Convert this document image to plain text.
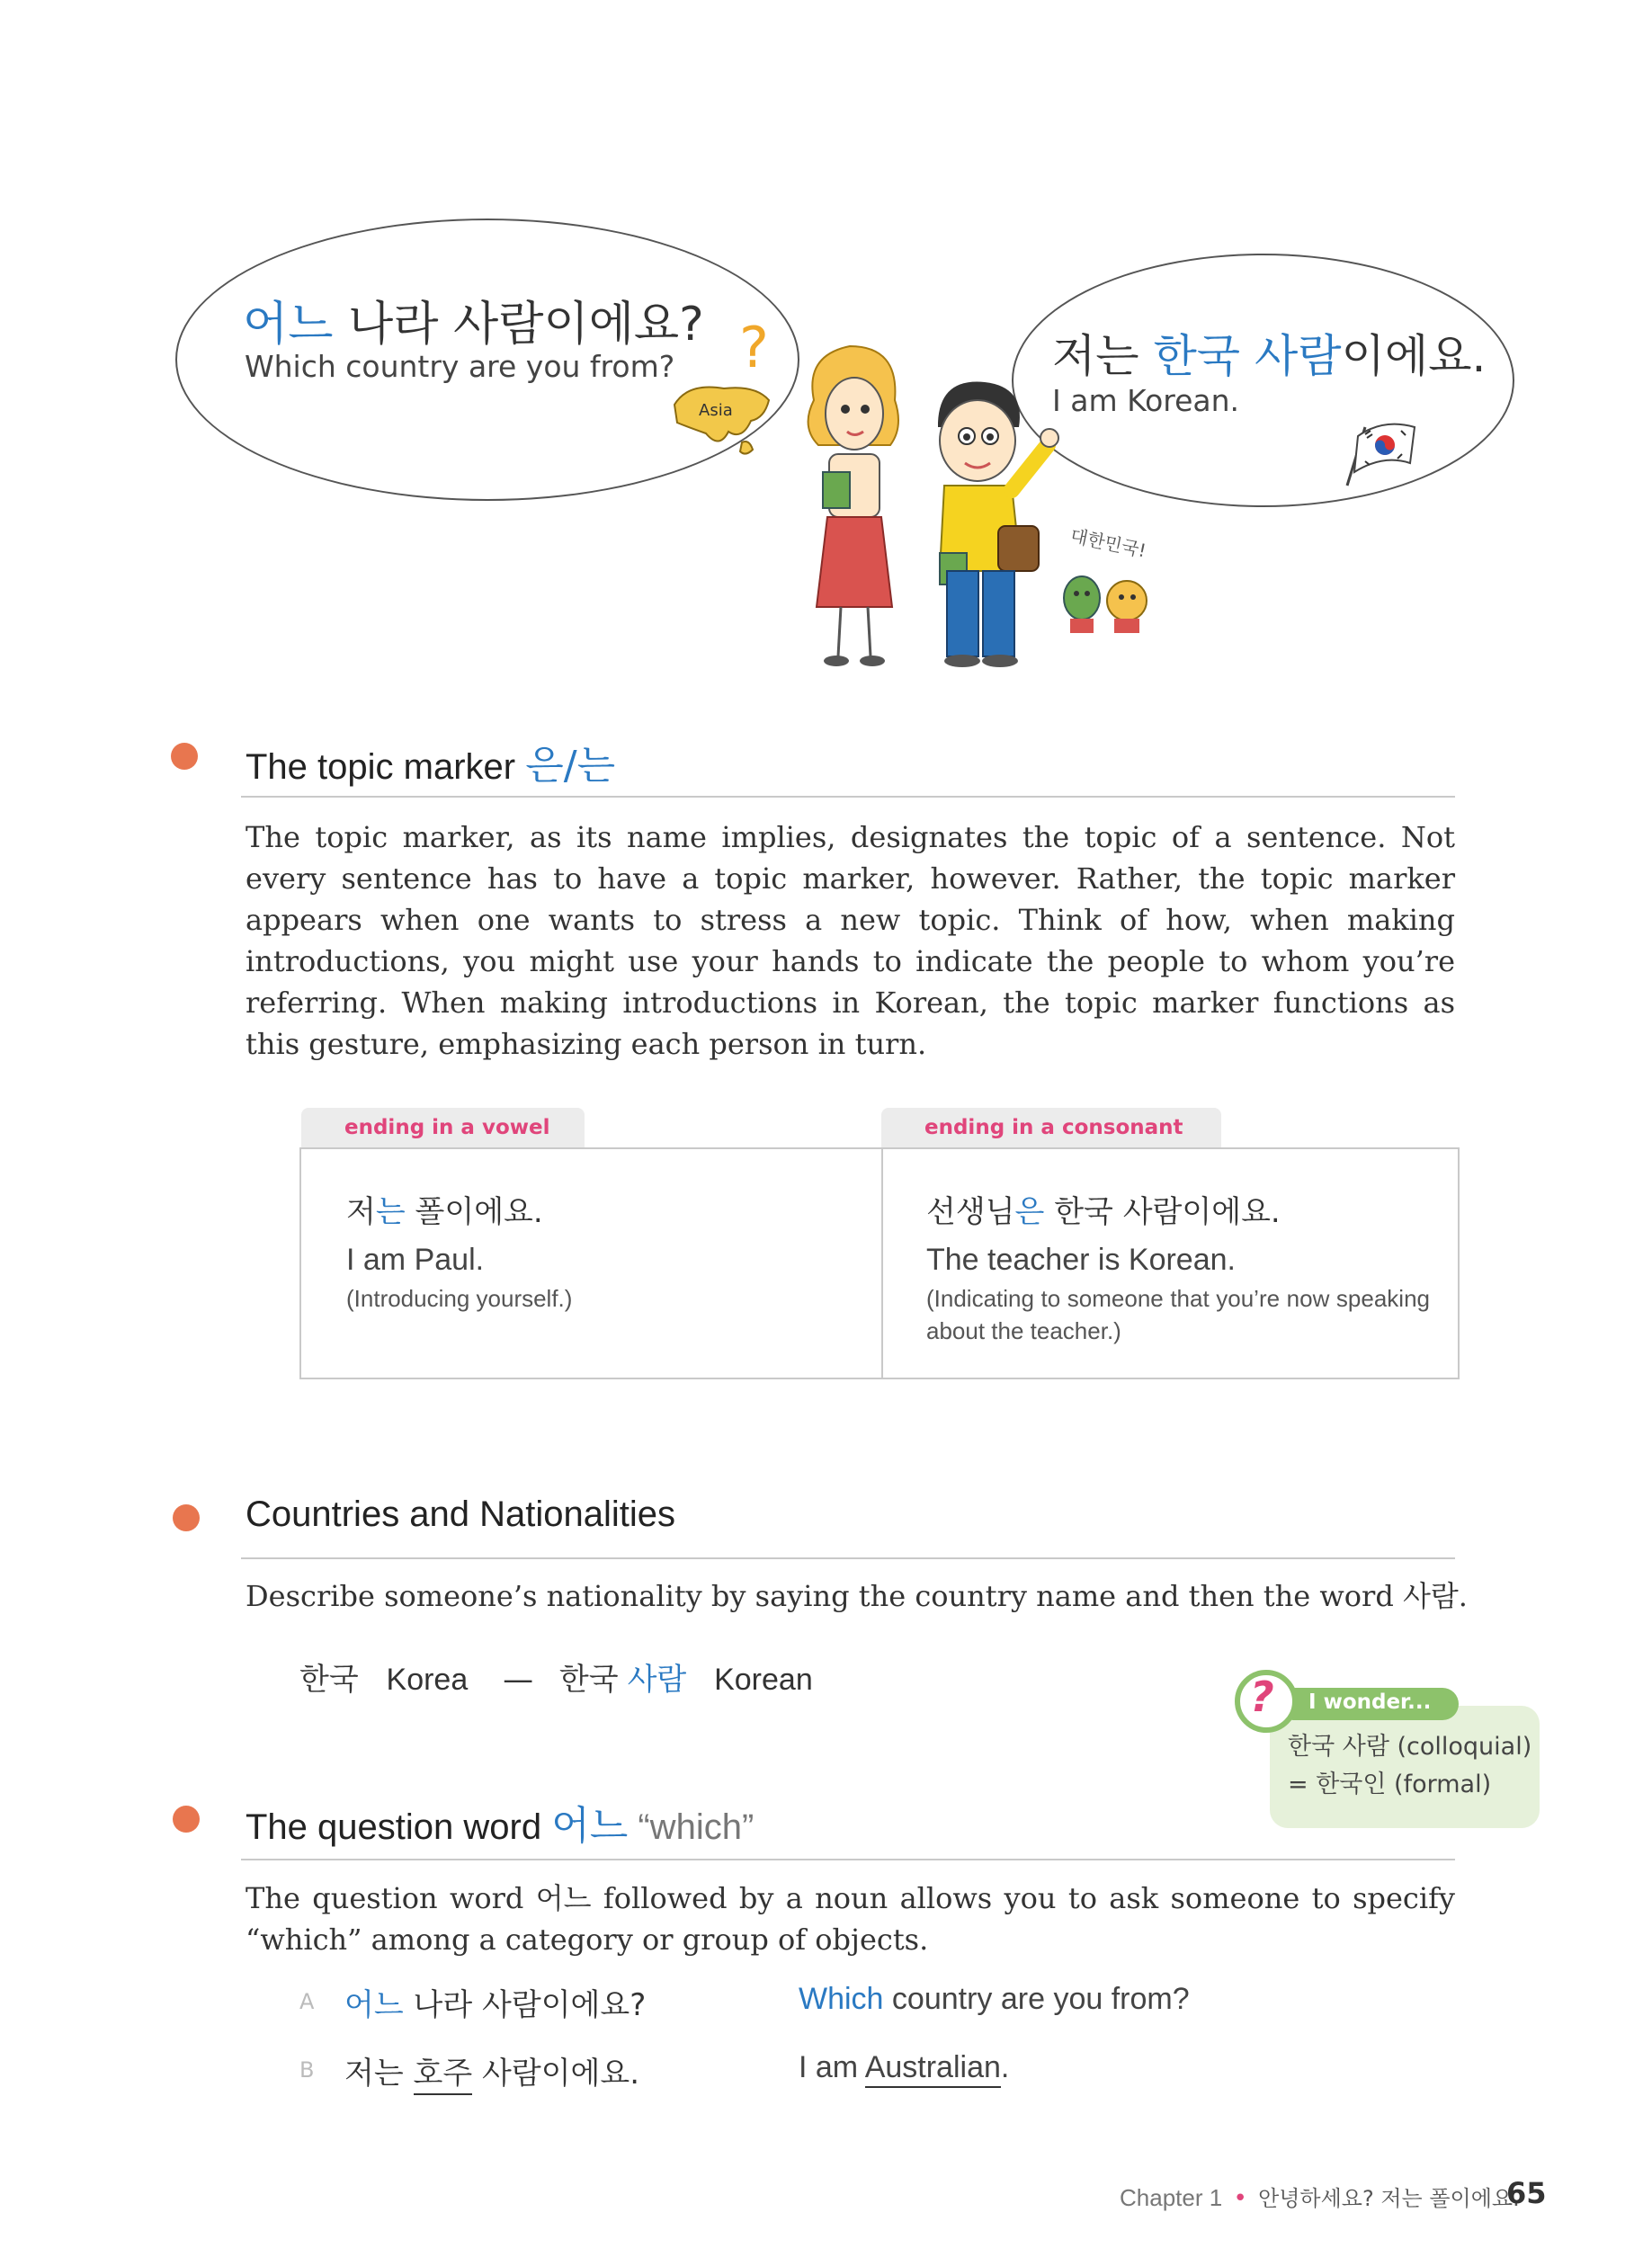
어느 나라 사람이에요?
Which country are you from?	저는 한국 사람이에요.
I am Korean.
Asia
?
대한민국!
The topic marker 은/는
The topic marker, as its name implies, designates the topic of a sentence. Not every sentence has to have a topic marker, however. Rather, the topic marker appears when one wants to stress a new topic. Think of how, when making introductions, you might use your hands to indicate the people to whom you’re referring. When making introductions in Korean, the topic marker functions as this gesture, emphasizing each person in turn.
ending in a vowel	ending in a consonant
저는 폴이에요.
I am Paul.
(Introducing yourself.)
선생님은 한국 사람이에요.
The teacher is Korean.
(Indicating to someone that you’re now speaking about the teacher.)
Countries and Nationalities
Describe someone’s nationality by saying the country name and then the word 사람.
한국 Korea — 한국 사람 Korean
I wonder...
?
한국 사람 (colloquial)
= 한국인 (formal)
The question word 어느 “which”
The question word 어느 followed by a noun allows you to ask someone to specify “which” among a category or group of objects.
A 어느 나라 사람이에요?	Which country are you from?
B 저는 호주 사람이에요.	I am Australian.
Chapter 1 • 안녕하세요? 저는 폴이에요.
65
